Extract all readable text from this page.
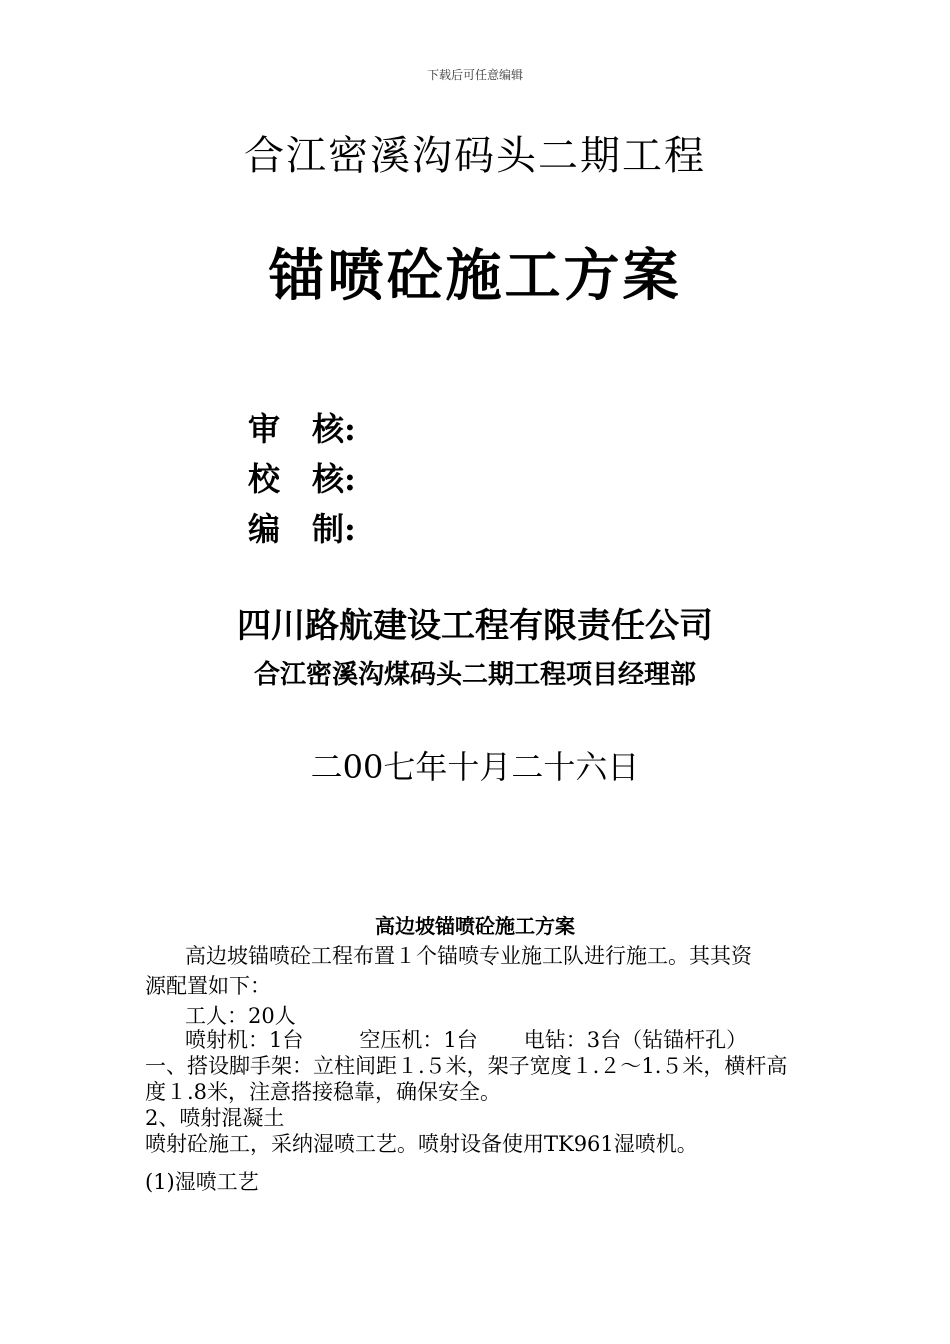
下载后可任意编辑
合江密溪沟码头二期工程
锚喷砼施工方案
审　核:
校　核:
编　制:
四川路航建设工程有限责任公司
合江密溪沟煤码头二期工程项目经理部
二00七年十月二十六日
高边坡锚喷砼施工方案
高边坡锚喷砼工程布置１个锚喷专业施工队进行施工。其其资
源配置如下：
工人：20人
喷射机：1台	空压机：1台 电钻：3台（钻锚杆孔）
一、搭设脚手架：立柱间距１.５米，架子宽度１.２～1.５米，横杆高
度１.8米，注意搭接稳靠，确保安全。
2、喷射混凝土
喷射砼施工，采纳湿喷工艺。喷射设备使用TK961湿喷机。
(1)湿喷工艺
